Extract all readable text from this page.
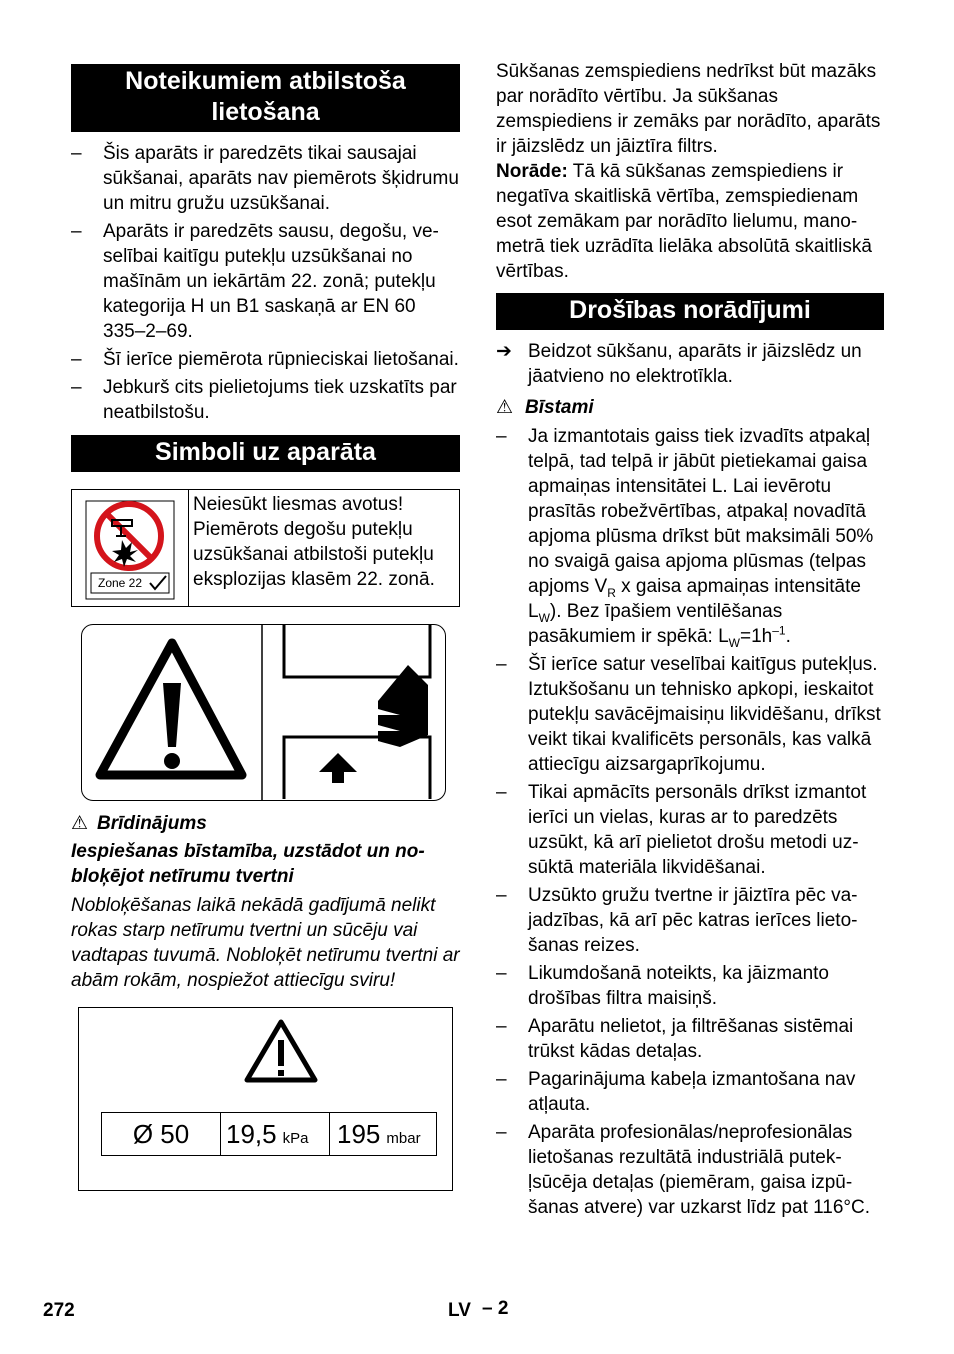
Noteikumiem atbilstoša lietošana
– Šis aparāts ir paredzēts tikai sausajai sūkšanai, aparāts nav piemērots šķidrumu un mitru gružu uzsūkšanai.
– Aparāts ir paredzēts sausu, degošu, veselībai kaitīgu putekļu uzsūkšanai no mašīnām un iekārtām 22. zonā; putekļu kategorija H un B1 saskaņā ar EN 60 335–2–69.
– Šī ierīce piemērota rūpnieciskai lietošanai.
– Jebkurš cits pielietojums tiek uzskatīts par neatbilstošu.
Simboli uz aparāta
Zone 22
Neiesūkt liesmas avotus! Piemērots degošu putekļu uzsūkšanai atbilstoši putekļu eksplozijas klasēm 22. zonā.

⚠ Brīdinājums

Iespiešanas bīstamība, uzstādot un nobloķējot netīrumu tvertni

Nobloķēšanas laikā nekādā gadījumā nelikt rokas starp netīrumu tvertni un sūcēju vai vadtapas tuvumā. Nobloķēt netīrumu tvertni ar abām rokām, nospiežot attiecīgu sviru!

Ø 50 19,5 kPa 195 mbar

Sūkšanas zemspiediens nedrīkst būt mazāks par norādīto vērtību. Ja sūkšanas zemspiediens ir zemāks par norādīto, aparāts ir jāizslēdz un jāiztīra filtrs.

Norāde: Tā kā sūkšanas zemspiediens ir negatīva skaitliskā vērtība, zemspiedienam esot zemākam par norādīto lielumu, manometrā tiek uzrādīta lielāka absolūtā skaitliskā vērtības.

Drošības norādījumi

➔ Beidzot sūkšanu, aparāts ir jāizslēdz un jāatvieno no elektrotīkla.

⚠ Bīstami

– Ja izmantotais gaiss tiek izvadīts atpakaļ telpā, tad telpā ir jābūt pietiekamai gaisa apmaiņas intensitātei L. Lai ievērotu prasītās robežvērtības, atpakaļ novadītā apjoma plūsma drīkst būt maksimāli 50% no svaigā gaisa apjoma plūsmas (telpas apjoms $V_R$ x gaisa apmaiņas intensitāte $L_W$). Bez īpašiem ventilēšanas pasākumiem ir spēkā: $L_W=1h^{-1}$.
– Šī ierīce satur veselībai kaitīgus putekļus. Iztukšošanu un tehnisko apkopi, ieskaitot putekļu savācējmaisiņu likvidēšanu, drīkst veikt tikai kvalificēts personāls, kas valkā attiecīgu aizsargaprīkojumu.
– Tikai apmācīts personāls drīkst izmantot ierīci un vielas, kuras ar to paredzēts uzsūkt, kā arī pielietot drošu metodi uzsūktā materiāla likvidēšanai.
– Uzsūkto gružu tvertne ir jāiztīra pēc vajadzības, kā arī pēc katras ierīces lietošanas reizes.
– Likumdošanā noteikts, ka jāizmanto drošības filtra maisiņš.
– Aparātu nelietot, ja filtrēšanas sistēmai trūkst kādas detaļas.
– Pagarinājuma kabeļa izmantošana nav atļauta.
– Aparāta profesionālas/neprofesionālas lietošanas rezultātā industriālā putekļsūcēja detaļas (piemēram, gaisa izpūšanas atvere) var uzkarst līdz pat 116°C.
272	LV – 2
